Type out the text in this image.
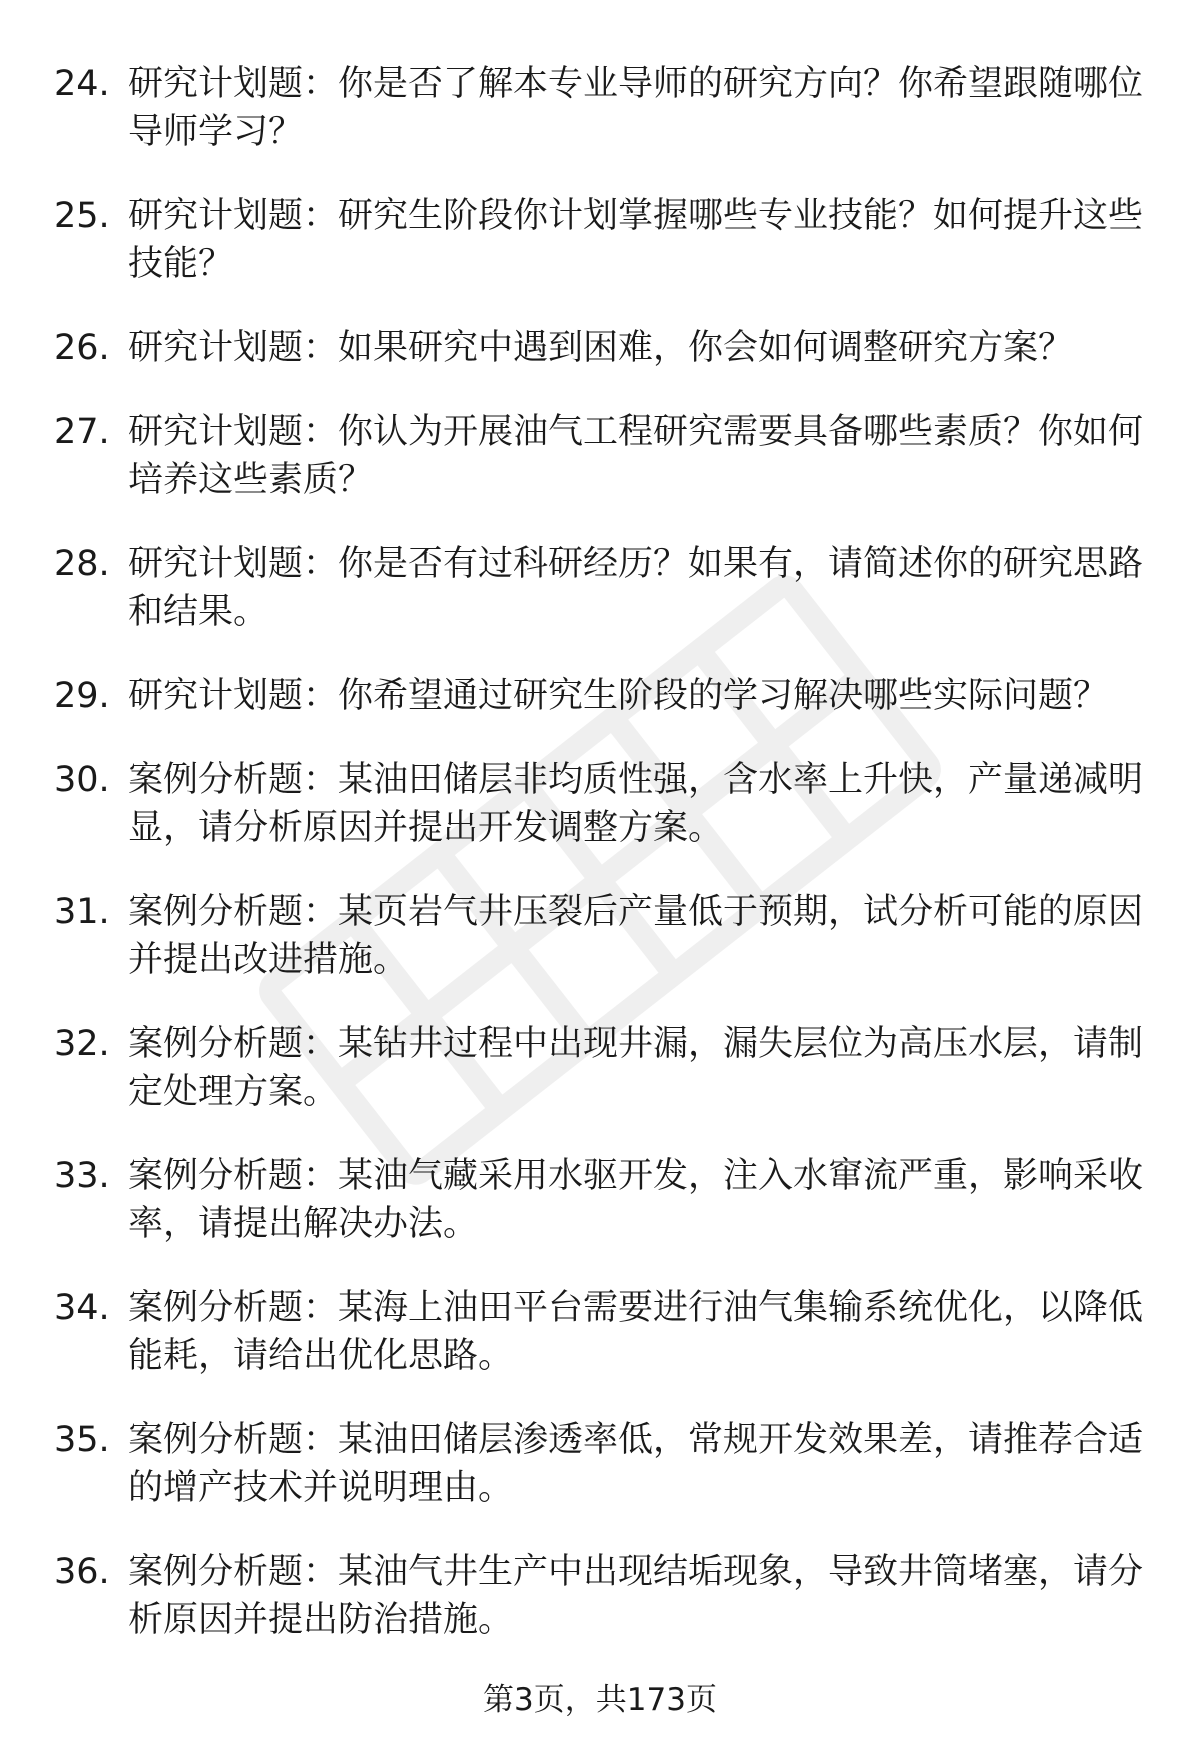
24. 研究计划题：你是否了解本专业导师的研究方向？你希望跟随哪位导师学习？
25. 研究计划题：研究生阶段你计划掌握哪些专业技能？如何提升这些技能？
26. 研究计划题：如果研究中遇到困难，你会如何调整研究方案？
27. 研究计划题：你认为开展油气工程研究需要具备哪些素质？你如何培养这些素质？
28. 研究计划题：你是否有过科研经历？如果有，请简述你的研究思路和结果。
29. 研究计划题：你希望通过研究生阶段的学习解决哪些实际问题？
30. 案例分析题：某油田储层非均质性强，含水率上升快，产量递减明显，请分析原因并提出开发调整方案。
31. 案例分析题：某页岩气井压裂后产量低于预期，试分析可能的原因并提出改进措施。
32. 案例分析题：某钻井过程中出现井漏，漏失层位为高压水层，请制定处理方案。
33. 案例分析题：某油气藏采用水驱开发，注入水窜流严重，影响采收率，请提出解决办法。
34. 案例分析题：某海上油田平台需要进行油气集输系统优化，以降低能耗，请给出优化思路。
35. 案例分析题：某油田储层渗透率低，常规开发效果差，请推荐合适的增产技术并说明理由。
36. 案例分析题：某油气井生产中出现结垢现象，导致井筒堵塞，请分析原因并提出防治措施。
第3页，共173页
